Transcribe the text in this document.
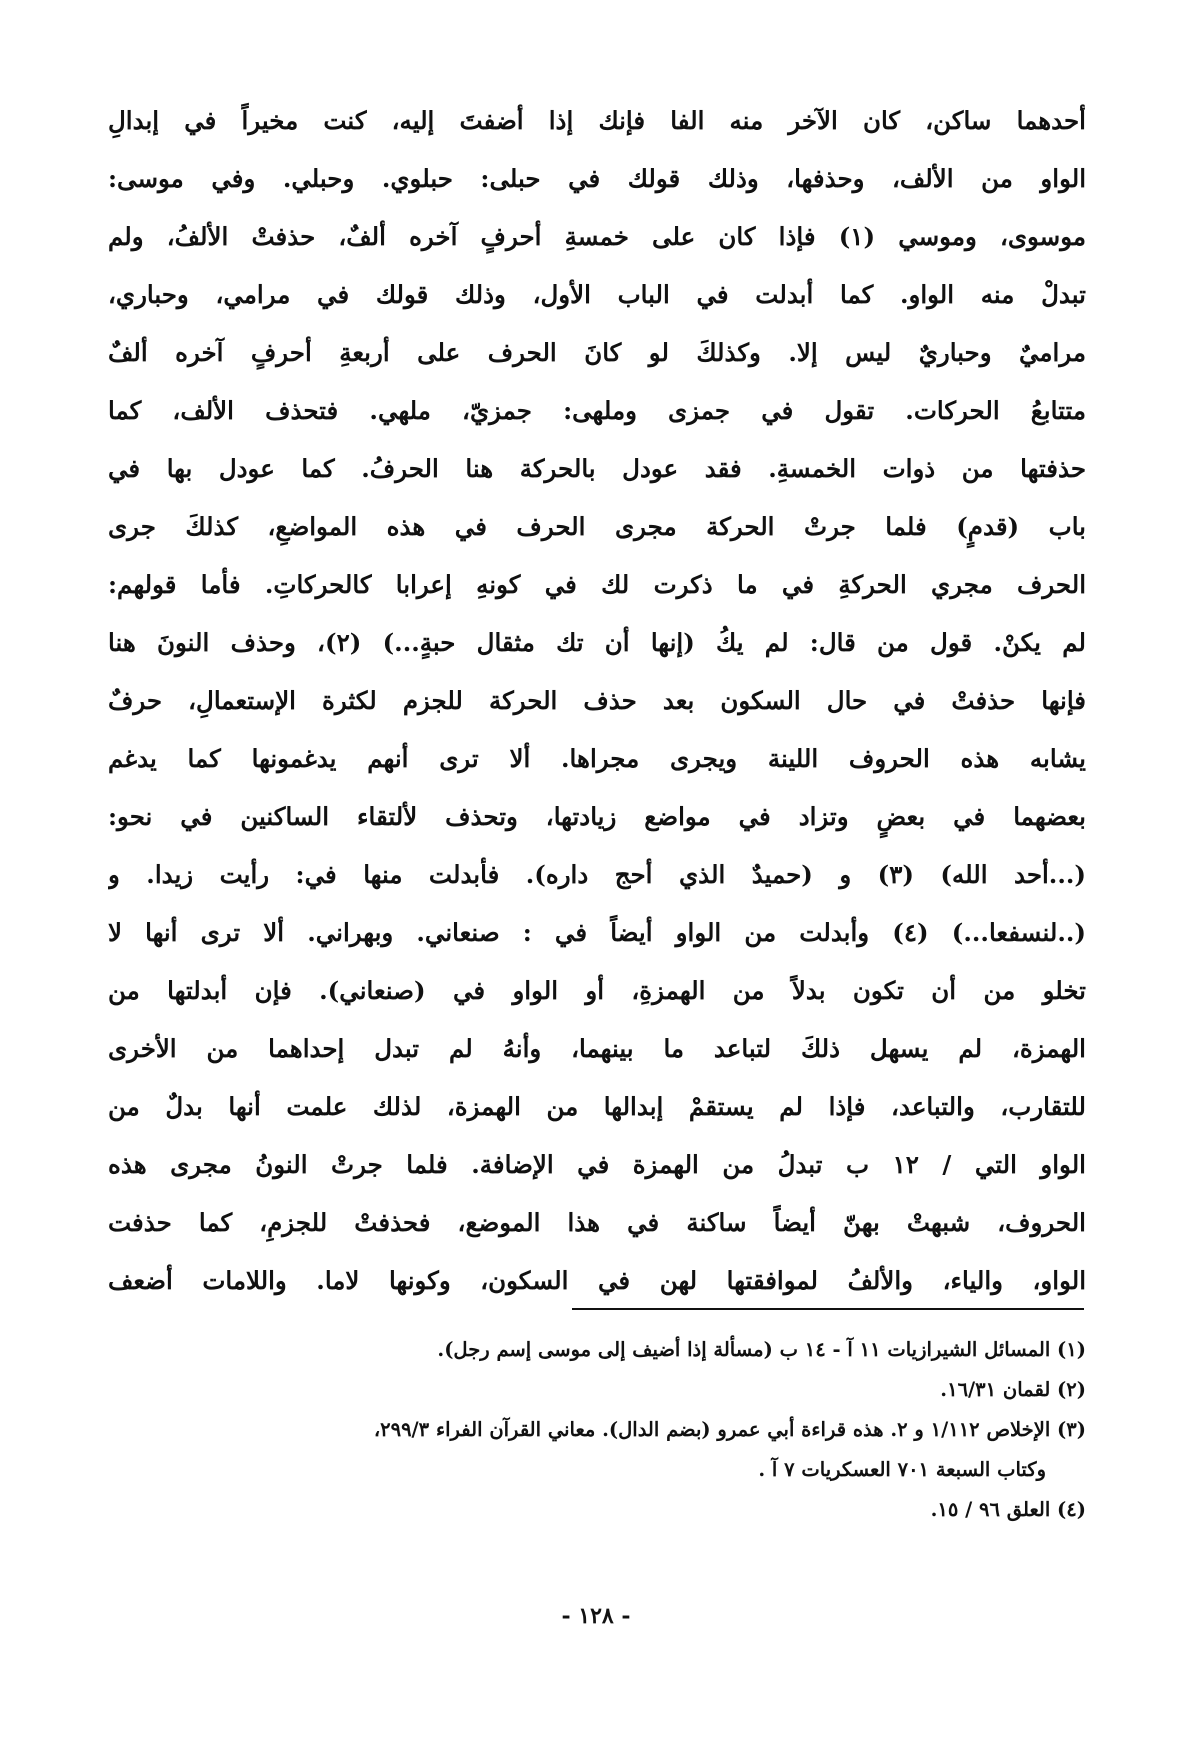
أحدهما ساكن، كان الآخر منه الفا فإنك إذا أضفتَ إليه، كنت مخيراً في إبدالِ
الواو من الألف، وحذفها، وذلك قولك في حبلى: حبلوي. وحبلي. وفي موسى:
موسوى، وموسي (١) فإذا كان على خمسةِ أحرفٍ آخره ألفٌ، حذفتْ الألفُ، ولم
تبدلْ منه الواو. كما أبدلت في الباب الأول، وذلك قولك في مرامي، وحباري،
مراميٌ وحباريٌ ليس إلا. وكذلكَ لو كانَ الحرف على أربعةِ أحرفٍ آخره ألفٌ
متتابعُ الحركات. تقول في جمزى وملهى: جمزيّ، ملهي. فتحذف الألف، كما
حذفتها من ذوات الخمسةِ. فقد عودل بالحركة هنا الحرفُ. كما عودل بها في
باب (قدمٍ) فلما جرتْ الحركة مجرى الحرف في هذه المواضعِ، كذلكَ جرى
الحرف مجري الحركةِ في ما ذكرت لك في كونهِ إعرابا كالحركاتِ. فأما قولهم:
لم يكنْ. قول من قال: لم يكُ (إنها أن تك مثقال حبةٍ...) (٢)، وحذف النونَ هنا
فإنها حذفتْ في حال السكون بعد حذف الحركة للجزم لكثرة الإستعمالِ، حرفٌ
يشابه هذه الحروف اللينة ويجرى مجراها. ألا ترى أنهم يدغمونها كما يدغم
بعضهما في بعضٍ وتزاد في مواضع زيادتها، وتحذف لألتقاء الساكنين في نحو:
(...أحد الله) (٣) و (حميدٌ الذي أحج داره). فأبدلت منها في: رأيت زيدا. و
(..لنسفعا...) (٤) وأبدلت من الواو أيضاً في : صنعاني. وبهراني. ألا ترى أنها لا
تخلو من أن تكون بدلاً من الهمزةِ، أو الواو في (صنعاني). فإن أبدلتها من
الهمزة، لم يسهل ذلكَ لتباعد ما بينهما، وأنهُ لم تبدل إحداهما من الأخرى
للتقارب، والتباعد، فإذا لم يستقمْ إبدالها من الهمزة، لذلك علمت أنها بدلٌ من
الواو التي / ١٢ ب تبدلُ من الهمزة في الإضافة. فلما جرتْ النونُ مجرى هذه
الحروف، شبهتْ بهنّ أيضاً ساكنة في هذا الموضع، فحذفتْ للجزمِ، كما حذفت
الواو، والياء، والألفُ لموافقتها لهن في السكون، وكونها لاما. واللامات أضعف
(١) المسائل الشيرازيات ١١ آ - ١٤ ب (مسألة إذا أضيف إلى موسى إسم رجل).
(٢) لقمان ١٦/٣١.
(٣) الإخلاص ١/١١٢ و ٢. هذه قراءة أبي عمرو (بضم الدال). معاني القرآن الفراء ٢٩٩/٣،
وكتاب السبعة ٧٠١ العسكريات ٧ آ .
(٤) العلق ٩٦ / ١٥.
- ١٢٨ -
